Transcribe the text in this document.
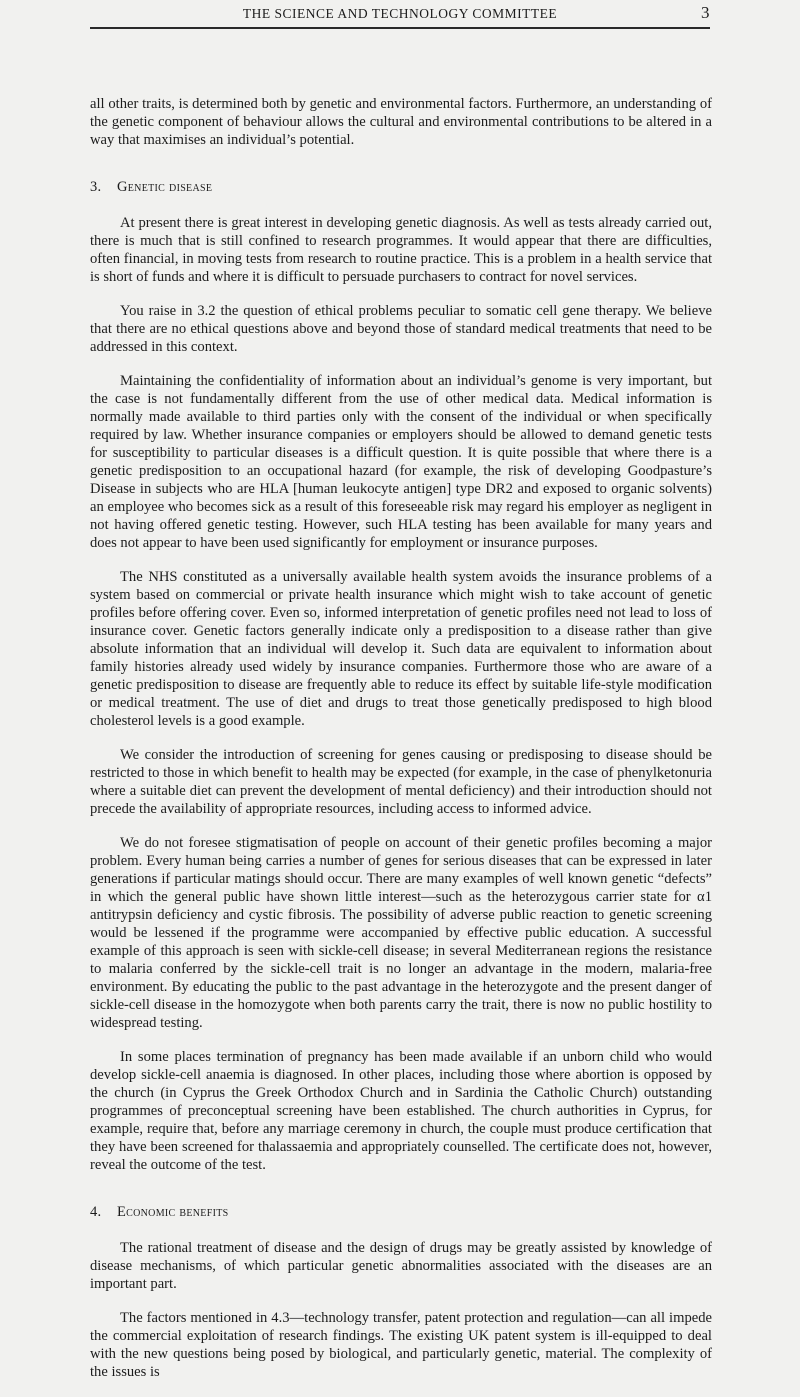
THE SCIENCE AND TECHNOLOGY COMMITTEE	3

all other traits, is determined both by genetic and environmental factors. Furthermore, an understanding of the genetic component of behaviour allows the cultural and environmental contributions to be altered in a way that maximises an individual’s potential.

3. Genetic disease

At present there is great interest in developing genetic diagnosis. As well as tests already carried out, there is much that is still confined to research programmes. It would appear that there are difficulties, often financial, in moving tests from research to routine practice. This is a problem in a health service that is short of funds and where it is difficult to persuade purchasers to contract for novel services.

You raise in 3.2 the question of ethical problems peculiar to somatic cell gene therapy. We believe that there are no ethical questions above and beyond those of standard medical treatments that need to be addressed in this context.

Maintaining the confidentiality of information about an individual’s genome is very important, but the case is not fundamentally different from the use of other medical data. Medical information is normally made available to third parties only with the consent of the individual or when specifically required by law. Whether insurance companies or employers should be allowed to demand genetic tests for susceptibility to particular diseases is a difficult question. It is quite possible that where there is a genetic predisposition to an occupational hazard (for example, the risk of developing Goodpasture’s Disease in subjects who are HLA [human leukocyte antigen] type DR2 and exposed to organic solvents) an employee who becomes sick as a result of this foreseeable risk may regard his employer as negligent in not having offered genetic testing. However, such HLA testing has been available for many years and does not appear to have been used significantly for employment or insurance purposes.

The NHS constituted as a universally available health system avoids the insurance problems of a system based on commercial or private health insurance which might wish to take account of genetic profiles before offering cover. Even so, informed interpretation of genetic profiles need not lead to loss of insurance cover. Genetic factors generally indicate only a predisposition to a disease rather than give absolute information that an individual will develop it. Such data are equivalent to information about family histories already used widely by insurance companies. Furthermore those who are aware of a genetic predisposition to disease are frequently able to reduce its effect by suitable life-style modification or medical treatment. The use of diet and drugs to treat those genetically predisposed to high blood cholesterol levels is a good example.

We consider the introduction of screening for genes causing or predisposing to disease should be restricted to those in which benefit to health may be expected (for example, in the case of phenylketonuria where a suitable diet can prevent the development of mental deficiency) and their introduction should not precede the availability of appropriate resources, including access to informed advice.

We do not foresee stigmatisation of people on account of their genetic profiles becoming a major problem. Every human being carries a number of genes for serious diseases that can be expressed in later generations if particular matings should occur. There are many examples of well known genetic “defects” in which the general public have shown little interest—such as the heterozygous carrier state for α1 antitrypsin deficiency and cystic fibrosis. The possibility of adverse public reaction to genetic screening would be lessened if the programme were accompanied by effective public education. A successful example of this approach is seen with sickle-cell disease; in several Mediterranean regions the resistance to malaria conferred by the sickle-cell trait is no longer an advantage in the modern, malaria-free environment. By educating the public to the past advantage in the heterozygote and the present danger of sickle-cell disease in the homozygote when both parents carry the trait, there is now no public hostility to widespread testing.

In some places termination of pregnancy has been made available if an unborn child who would develop sickle-cell anaemia is diagnosed. In other places, including those where abortion is opposed by the church (in Cyprus the Greek Orthodox Church and in Sardinia the Catholic Church) outstanding programmes of preconceptual screening have been established. The church authorities in Cyprus, for example, require that, before any marriage ceremony in church, the couple must produce certification that they have been screened for thalassaemia and appropriately counselled. The certificate does not, however, reveal the outcome of the test.

4. Economic benefits

The rational treatment of disease and the design of drugs may be greatly assisted by knowledge of disease mechanisms, of which particular genetic abnormalities associated with the diseases are an important part.

The factors mentioned in 4.3—technology transfer, patent protection and regulation—can all impede the commercial exploitation of research findings. The existing UK patent system is ill-equipped to deal with the new questions being posed by biological, and particularly genetic, material. The complexity of the issues is
